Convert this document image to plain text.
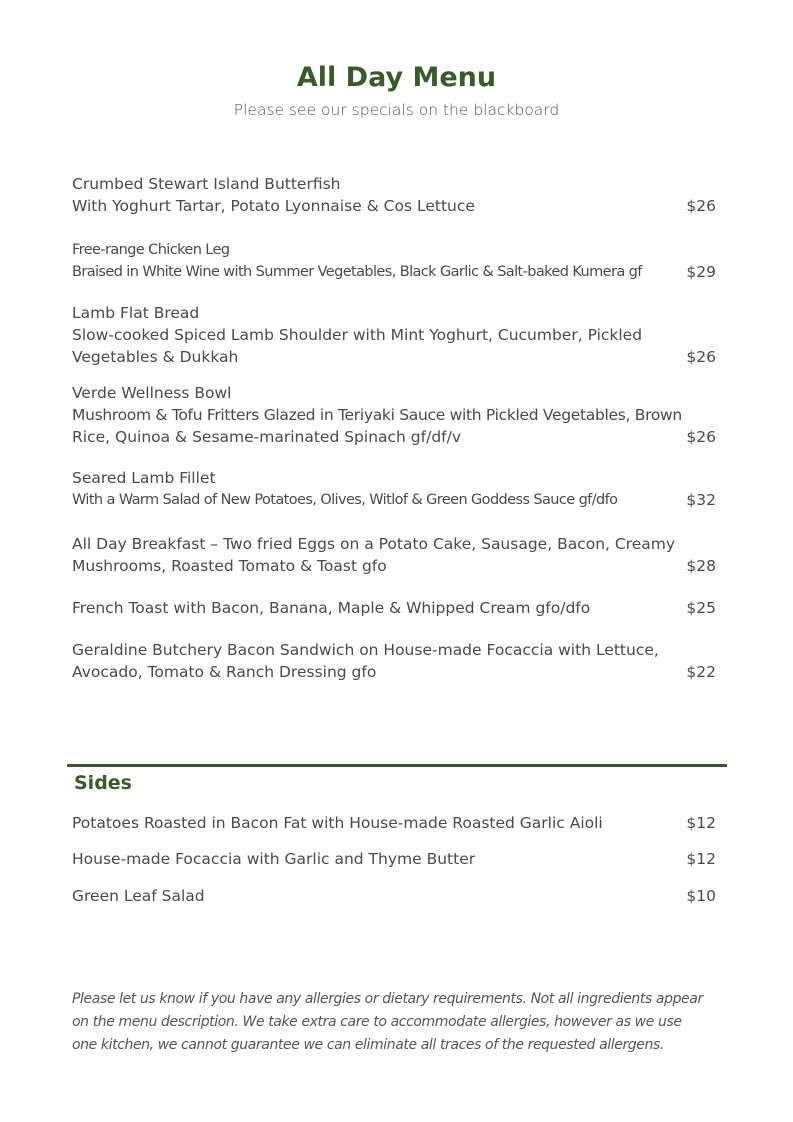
All Day Menu
Please see our specials on the blackboard
Crumbed Stewart Island Butterfish
With Yoghurt Tartar, Potato Lyonnaise & Cos Lettuce	$26
Free-range Chicken Leg
Braised in White Wine with Summer Vegetables, Black Garlic & Salt-baked Kumera gf	$29
Lamb Flat Bread
Slow-cooked Spiced Lamb Shoulder with Mint Yoghurt, Cucumber, Pickled
Vegetables & Dukkah	$26
Verde Wellness Bowl
Mushroom & Tofu Fritters Glazed in Teriyaki Sauce with Pickled Vegetables, Brown
Rice, Quinoa & Sesame-marinated Spinach gf/df/v	$26
Seared Lamb Fillet
With a Warm Salad of New Potatoes, Olives, Witlof & Green Goddess Sauce gf/dfo	$32
All Day Breakfast – Two fried Eggs on a Potato Cake, Sausage, Bacon, Creamy
Mushrooms, Roasted Tomato & Toast gfo	$28
French Toast with Bacon, Banana, Maple & Whipped Cream gfo/dfo	$25
Geraldine Butchery Bacon Sandwich on House-made Focaccia with Lettuce,
Avocado, Tomato & Ranch Dressing gfo	$22
Sides
Potatoes Roasted in Bacon Fat with House-made Roasted Garlic Aioli	$12
House-made Focaccia with Garlic and Thyme Butter	$12
Green Leaf Salad	$10
Please let us know if you have any allergies or dietary requirements. Not all ingredients appear
on the menu description. We take extra care to accommodate allergies, however as we use
one kitchen, we cannot guarantee we can eliminate all traces of the requested allergens.
